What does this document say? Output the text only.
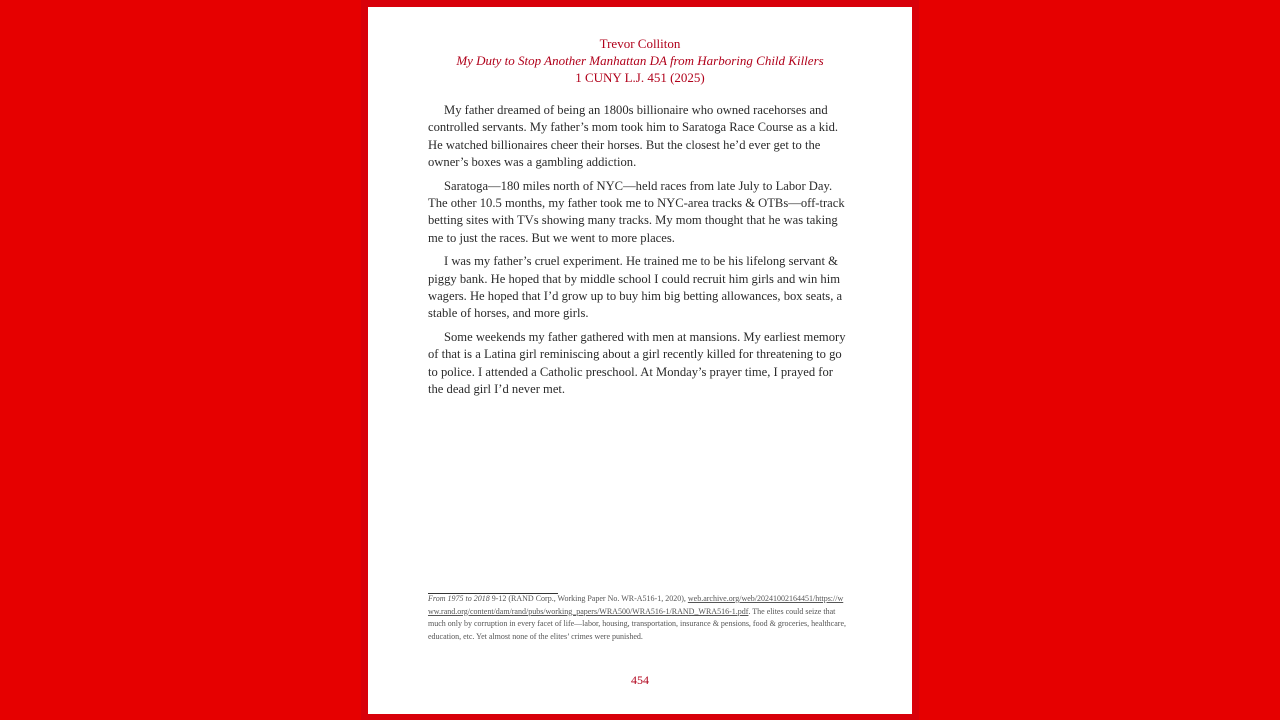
Trevor Colliton
My Duty to Stop Another Manhattan DA from Harboring Child Killers
1 CUNY L.J. 451 (2025)

My father dreamed of being an 1800s billionaire who owned racehorses and controlled servants. My father’s mom took him to Saratoga Race Course as a kid. He watched billionaires cheer their horses. But the closest he’d ever get to the owner’s boxes was a gambling addiction.

Saratoga—180 miles north of NYC—held races from late July to Labor Day. The other 10.5 months, my father took me to NYC-area tracks & OTBs—off-track betting sites with TVs showing many tracks. My mom thought that he was taking me to just the races. But we went to more places.

I was my father’s cruel experiment. He trained me to be his lifelong servant & piggy bank. He hoped that by middle school I could recruit him girls and win him wagers. He hoped that I’d grow up to buy him big betting allowances, box seats, a stable of horses, and more girls.

Some weekends my father gathered with men at mansions. My earliest memory of that is a Latina girl reminiscing about a girl recently killed for threatening to go to police. I attended a Catholic preschool. At Monday’s prayer time, I prayed for the dead girl I’d never met.

From 1975 to 2018 9-12 (RAND Corp., Working Paper No. WR-A516-1, 2020), web.archive.org/web/20241002164451/https://www.rand.org/content/dam/rand/pubs/working_papers/WRA500/WRA516-1/RAND_WRA516-1.pdf. The elites could seize that much only by corruption in every facet of life—labor, housing, transportation, insurance & pensions, food & groceries, healthcare, education, etc. Yet almost none of the elites’ crimes were punished.
454
